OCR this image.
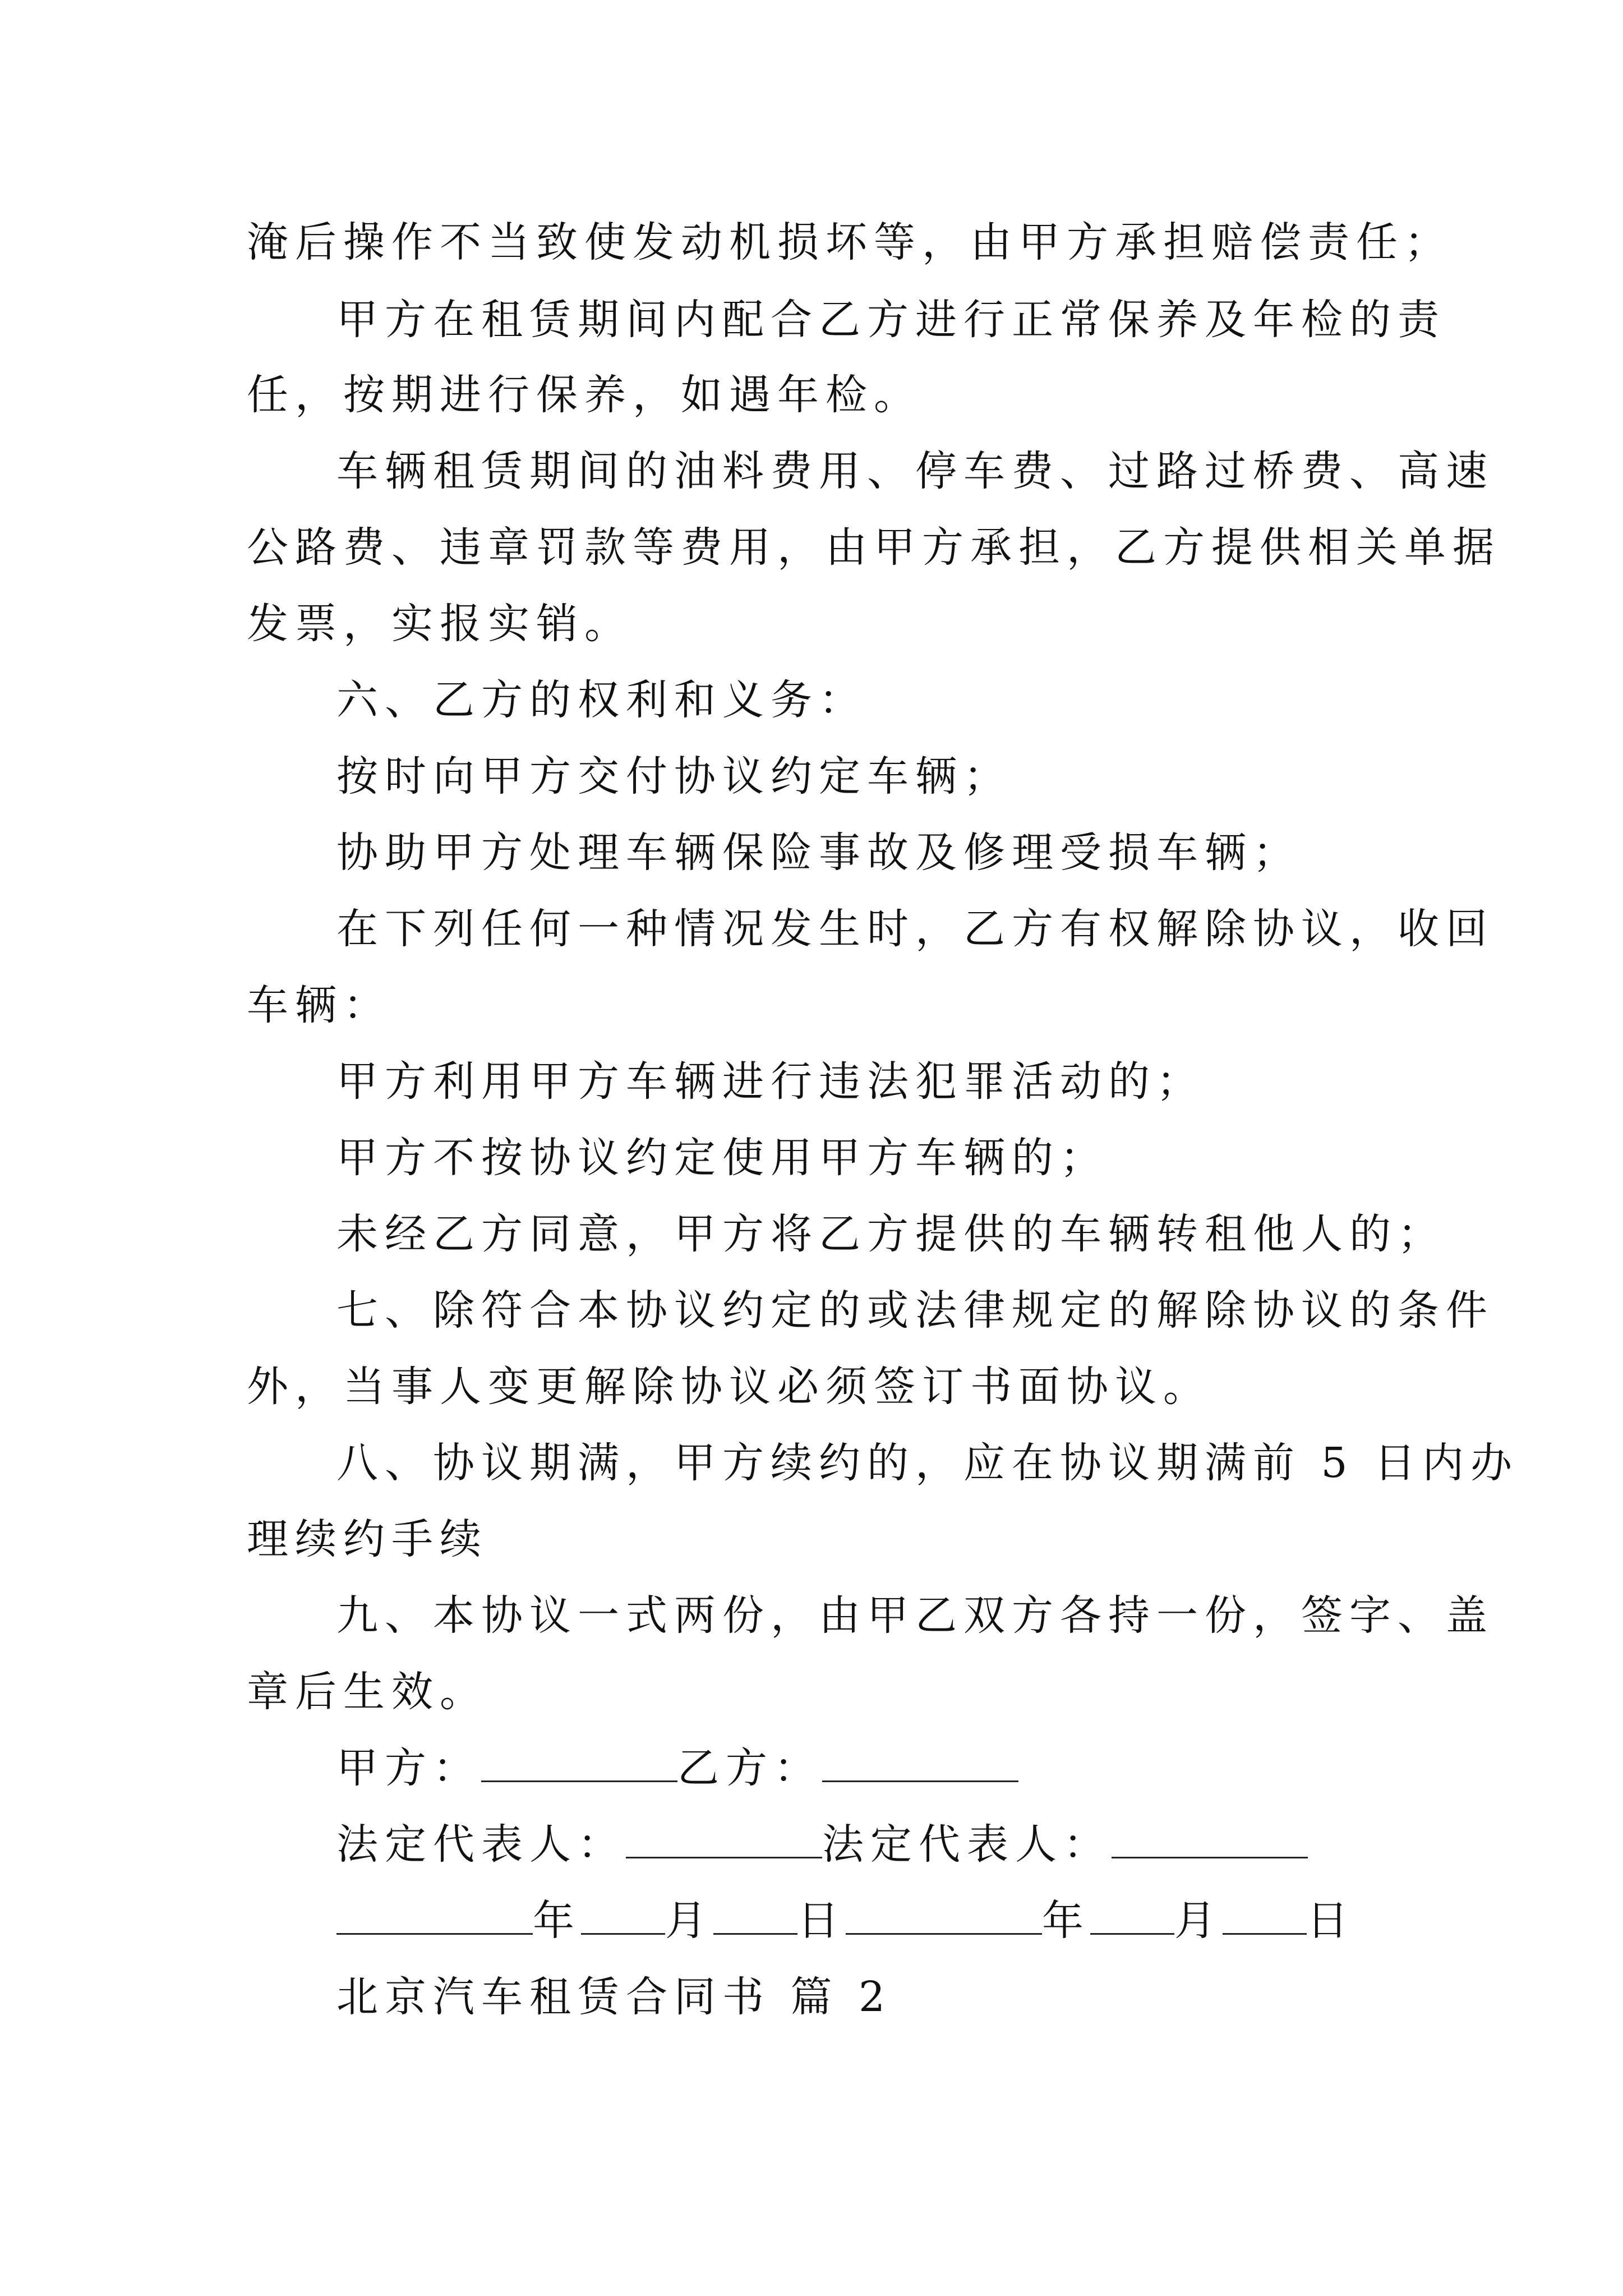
淹后操作不当致使发动机损坏等，由甲方承担赔偿责任；
甲方在租赁期间内配合乙方进行正常保养及年检的责
任，按期进行保养，如遇年检。
车辆租赁期间的油料费用、停车费、过路过桥费、高速
公路费、违章罚款等费用，由甲方承担，乙方提供相关单据
发票，实报实销。
六、乙方的权利和义务：
按时向甲方交付协议约定车辆；
协助甲方处理车辆保险事故及修理受损车辆；
在下列任何一种情况发生时，乙方有权解除协议，收回
车辆：
甲方利用甲方车辆进行违法犯罪活动的；
甲方不按协议约定使用甲方车辆的；
未经乙方同意，甲方将乙方提供的车辆转租他人的；
七、除符合本协议约定的或法律规定的解除协议的条件
外，当事人变更解除协议必须签订书面协议。
八、协议期满，甲方续约的，应在协议期满前 5 日内办
理续约手续
九、本协议一式两份，由甲乙双方各持一份，签字、盖
章后生效。
甲方：	乙方：
法定代表人：	法定代表人：
年 月 日	年 月 日
北京汽车租赁合同书 篇 2
